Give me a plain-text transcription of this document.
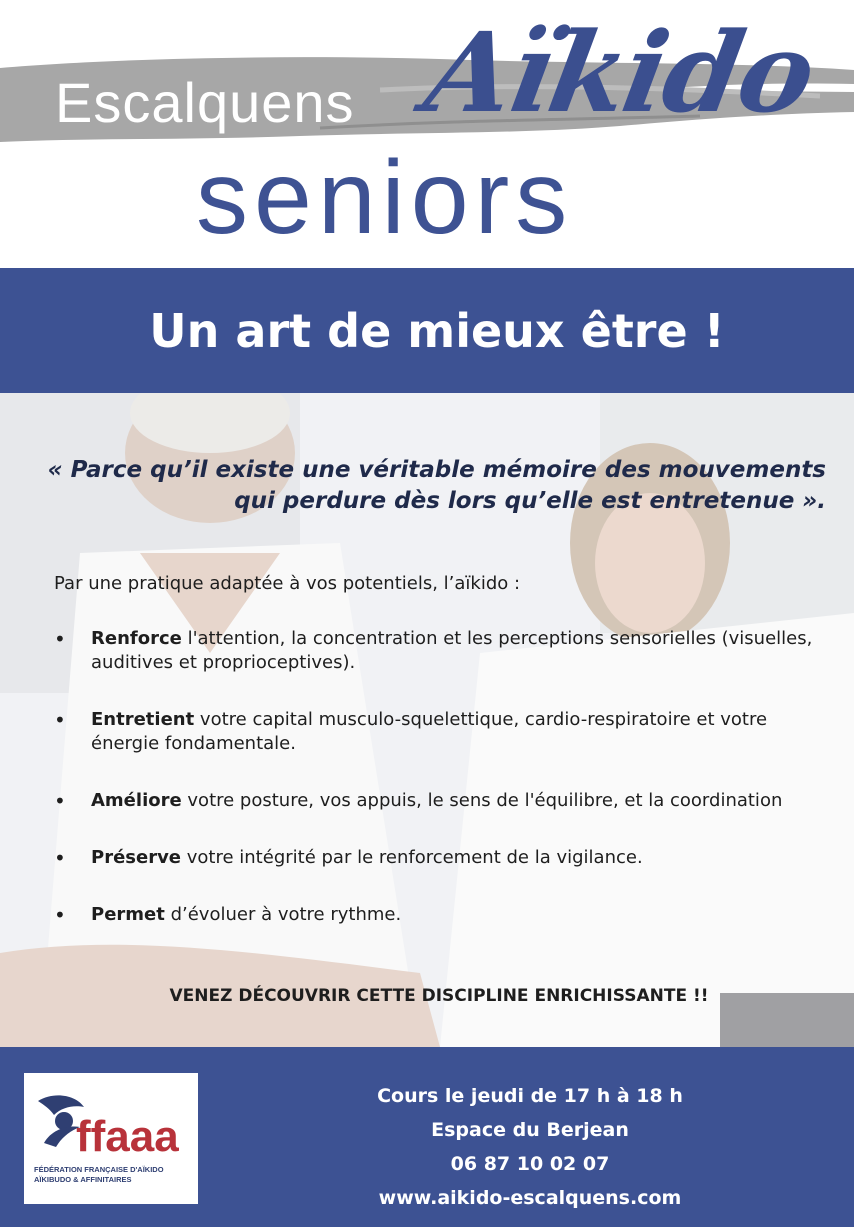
Escalquens Aïkido
seniors
Un art de mieux être !
« Parce qu’il existe une véritable mémoire des mouvements
qui perdure dès lors qu’elle est entretenue ».
Par une pratique adaptée à vos potentiels, l’aïkido :
• Renforce l'attention, la concentration et les perceptions sensorielles (visuelles, auditives et proprioceptives).
• Entretient votre capital musculo-squelettique, cardio-respiratoire et votre énergie fondamentale.
• Améliore votre posture, vos appuis, le sens de l'équilibre, et la coordination
• Préserve votre intégrité par le renforcement de la vigilance.
• Permet d’évoluer à votre rythme.
VENEZ DÉCOUVRIR CETTE DISCIPLINE ENRICHISSANTE !!
ffaaa
FÉDÉRATION FRANÇAISE D'AÏKIDO
AÏKIBUDO & AFFINITAIRES
Cours le jeudi de 17 h à 18 h
Espace du Berjean
06 87 10 02 07
www.aikido-escalquens.com
